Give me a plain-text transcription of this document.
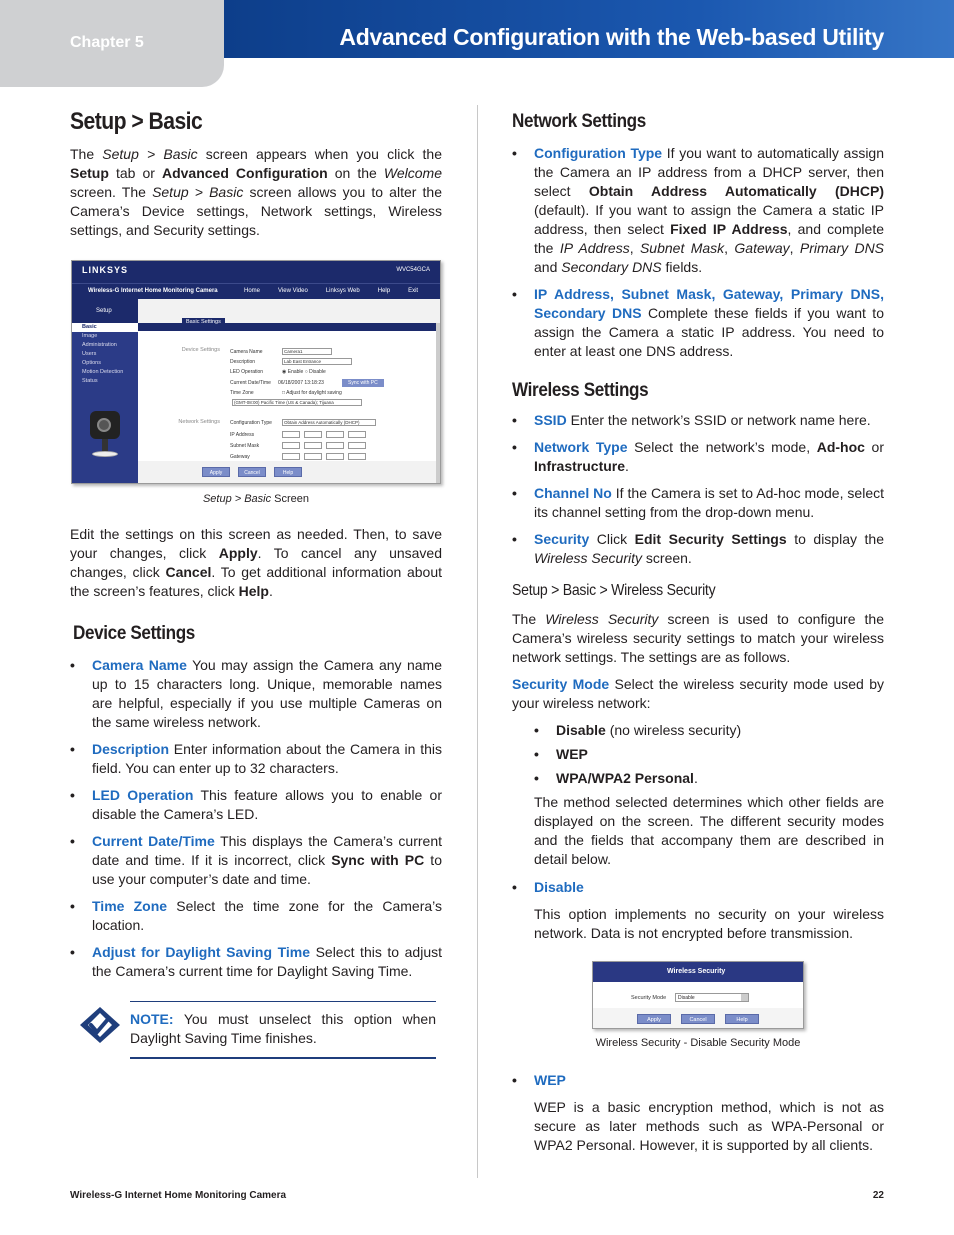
Chapter 5	Advanced Configuration with the Web-based Utility
Setup > Basic

The Setup > Basic screen appears when you click the Setup tab or Advanced Configuration on the Welcome screen. The Setup > Basic screen allows you to alter the Camera’s Device settings, Network settings, Wireless settings, and Security settings.

LINKSYS	WVC54GCA
Wireless-G Internet Home Monitoring Camera	Home	View Video	Linksys Web	Help	Exit
Setup
Basic Settings
Basic
Image
Administration
Users
Options
Motion Detection
Status
Device Settings
Network Settings
Camera Name	Camera1
Description	Lab East Entrance
LED Operation	◉ Enable ○ Disable
Current Date/Time 06/18/2007 13:18:23	Sync with PC
Time Zone	□ Adjust for daylight saving
(GMT-08:00) Pacific Time (US & Canada); Tijuana
Configuration Type	Obtain Address Automatically (DHCP)
IP Address
Subnet Mask
Gateway
Apply	Cancel	Help
Setup > Basic Screen

Edit the settings on this screen as needed. Then, to save your changes, click Apply. To cancel any unsaved changes, click Cancel. To get additional information about the screen’s features, click Help.

Device Settings
• Camera Name You may assign the Camera any name up to 15 characters long. Unique, memorable names are helpful, especially if you use multiple Cameras on the same wireless network.
• Description Enter information about the Camera in this field. You can enter up to 32 characters.
• LED Operation This feature allows you to enable or disable the Camera’s LED.
• Current Date/Time This displays the Camera’s current date and time. If it is incorrect, click Sync with PC to use your computer’s date and time.
• Time Zone Select the time zone for the Camera’s location.
• Adjust for Daylight Saving Time Select this to adjust the Camera’s current time for Daylight Saving Time.
NOTE: You must unselect this option when Daylight Saving Time finishes.
Network Settings
• Configuration Type If you want to automatically assign the Camera an IP address from a DHCP server, then select Obtain Address Automatically (DHCP) (default). If you want to assign the Camera a static IP address, then select Fixed IP Address, and complete the IP Address, Subnet Mask, Gateway, Primary DNS and Secondary DNS fields.
• IP Address, Subnet Mask, Gateway, Primary DNS, Secondary DNS Complete these fields if you want to assign the Camera a static IP address. You need to enter at least one DNS address.
Wireless Settings
• SSID Enter the network’s SSID or network name here.
• Network Type Select the network’s mode, Ad-hoc or Infrastructure.
• Channel No If the Camera is set to Ad-hoc mode, select its channel setting from the drop-down menu.
• Security Click Edit Security Settings to display the Wireless Security screen.
Setup > Basic > Wireless Security

The Wireless Security screen is used to configure the Camera’s wireless security settings to match your wireless network settings. The settings are as follows.

Security Mode Select the wireless security mode used by your wireless network:

• Disable (no wireless security)
• WEP
• WPA/WPA2 Personal.

The method selected determines which other fields are displayed on the screen. The different security modes and the fields that accompany them are described in detail below.

• Disable

This option implements no security on your wireless network. Data is not encrypted before transmission.

Wireless Security
Security Mode	Disable
Apply	Cancel	Help
Wireless Security - Disable Security Mode
• WEP

WEP is a basic encryption method, which is not as secure as later methods such as WPA-Personal or WPA2 Personal. However, it is supported by all clients.

Wireless-G Internet Home Monitoring Camera	22
